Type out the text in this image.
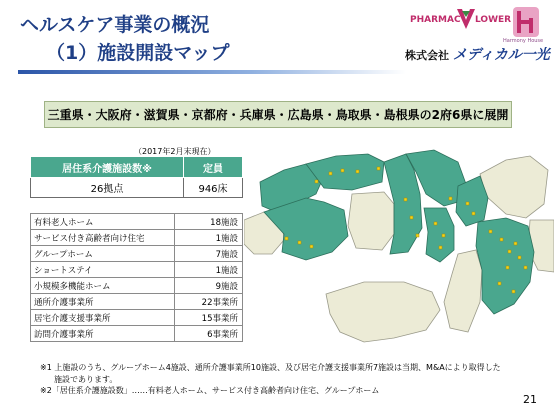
ヘルスケア事業の概況
（1）施設開設マップ
PHARMAC LOWER
Harmony House
株式会社 メディカル一光
三重県・大阪府・滋賀県・京都府・兵庫県・広島県・鳥取県・島根県の2府6県に展開
（2017年2月末現在）
居住系介護施設数※	定員
26拠点	946床
有料老人ホーム	18施設
サービス付き高齢者向け住宅	1施設
グループホーム	7施設
ショートステイ	1施設
小規模多機能ホーム	9施設
通所介護事業所	22事業所
居宅介護支援事業所	15事業所
訪問介護事業所	6事業所
※1 上施設のうち、グループホーム4施設、通所介護事業所10施設、及び居宅介護支援事業所7施設は当期、M&Aにより取得した
施設であります。
※2「居住系介護施設数」……有料老人ホーム、サービス付き高齢者向け住宅、グループホーム
21
